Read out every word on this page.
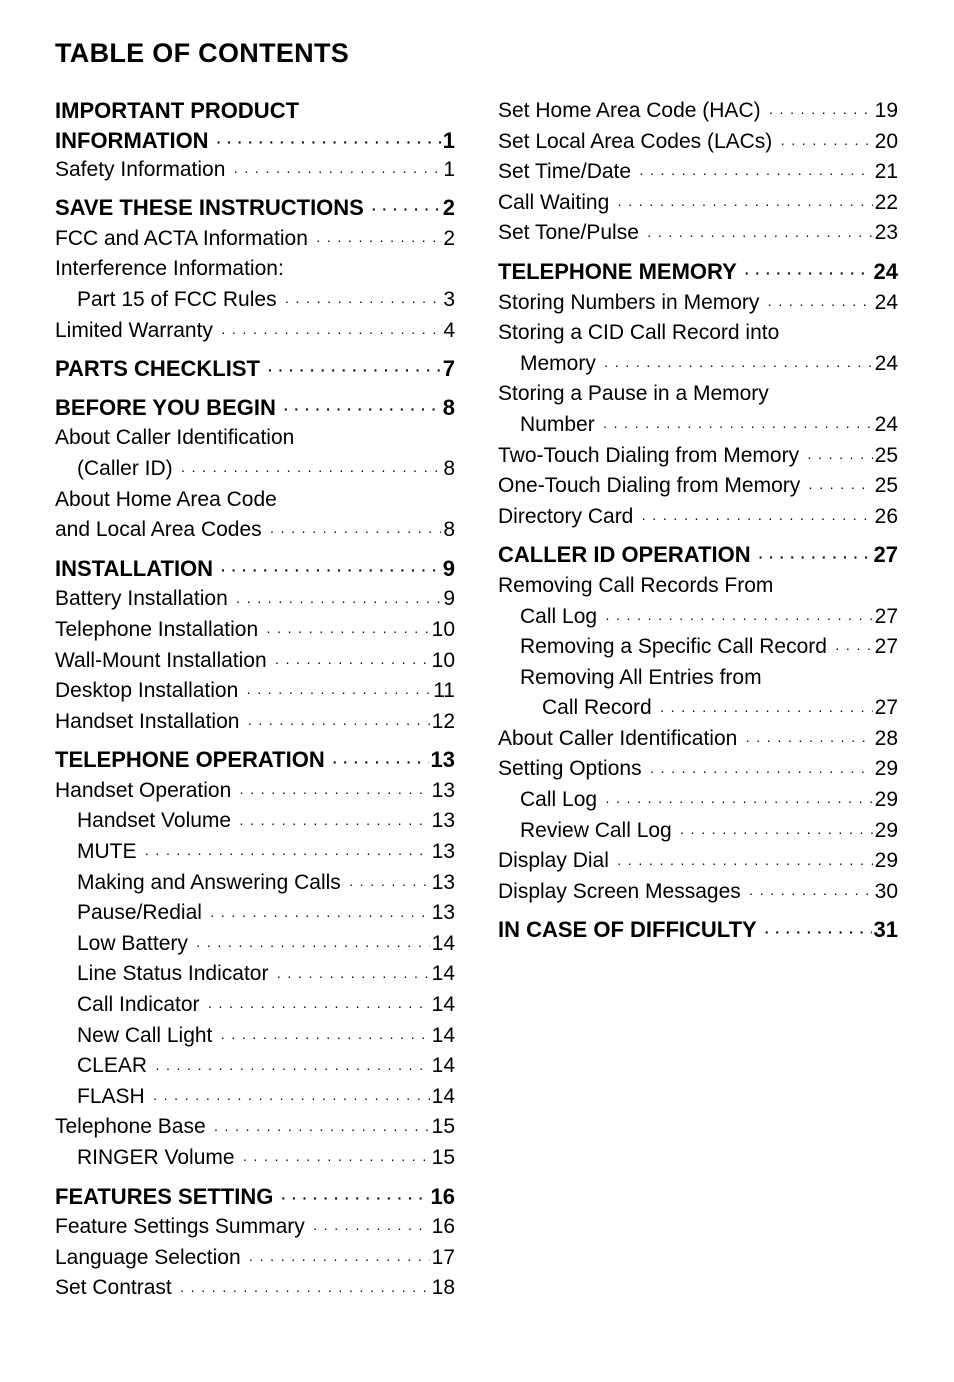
TABLE OF CONTENTS
IMPORTANT PRODUCT
INFORMATION · · ·	1
Safety Information · · ·	1
SAVE THESE INSTRUCTIONS · · ·	2
FCC and ACTA Information · · ·	2
Interference Information:
Part 15 of FCC Rules · · ·	3
Limited Warranty · · ·	4
PARTS CHECKLIST · · ·	7
BEFORE YOU BEGIN · · ·	8
About Caller Identification
(Caller ID) · · ·	8
About Home Area Code
and Local Area Codes · · ·	8
INSTALLATION · · ·	9
Battery Installation · · ·	9
Telephone Installation · · ·	10
Wall-Mount Installation · · ·	10
Desktop Installation · · ·	11
Handset Installation · · ·	12
TELEPHONE OPERATION · · ·	13
Handset Operation · · ·	13
Handset Volume · · ·	13
MUTE · · ·	13
Making and Answering Calls · · ·	13
Pause/Redial · · ·	13
Low Battery · · ·	14
Line Status Indicator · · ·	14
Call Indicator · · ·	14
New Call Light · · ·	14
CLEAR · · ·	14
FLASH · · ·	14
Telephone Base · · ·	15
RINGER Volume · · ·	15
FEATURES SETTING · · ·	16
Feature Settings Summary · · ·	16
Language Selection · · ·	17
Set Contrast · · ·	18
Set Home Area Code (HAC) · · ·	19
Set Local Area Codes (LACs) · · ·	20
Set Time/Date · · ·	21
Call Waiting · · ·	22
Set Tone/Pulse · · ·	23
TELEPHONE MEMORY · · ·	24
Storing Numbers in Memory · · ·	24
Storing a CID Call Record into
Memory · · ·	24
Storing a Pause in a Memory
Number · · ·	24
Two-Touch Dialing from Memory · · ·	25
One-Touch Dialing from Memory · · ·	25
Directory Card · · ·	26
CALLER ID OPERATION · · ·	27
Removing Call Records From
Call Log · · ·	27
Removing a Specific Call Record · · · 27
Removing All Entries from
Call Record · · ·	27
About Caller Identification · · ·	28
Setting Options · · ·	29
Call Log · · ·	29
Review Call Log · · ·	29
Display Dial · · ·	29
Display Screen Messages · · ·	30
IN CASE OF DIFFICULTY · · ·	31
